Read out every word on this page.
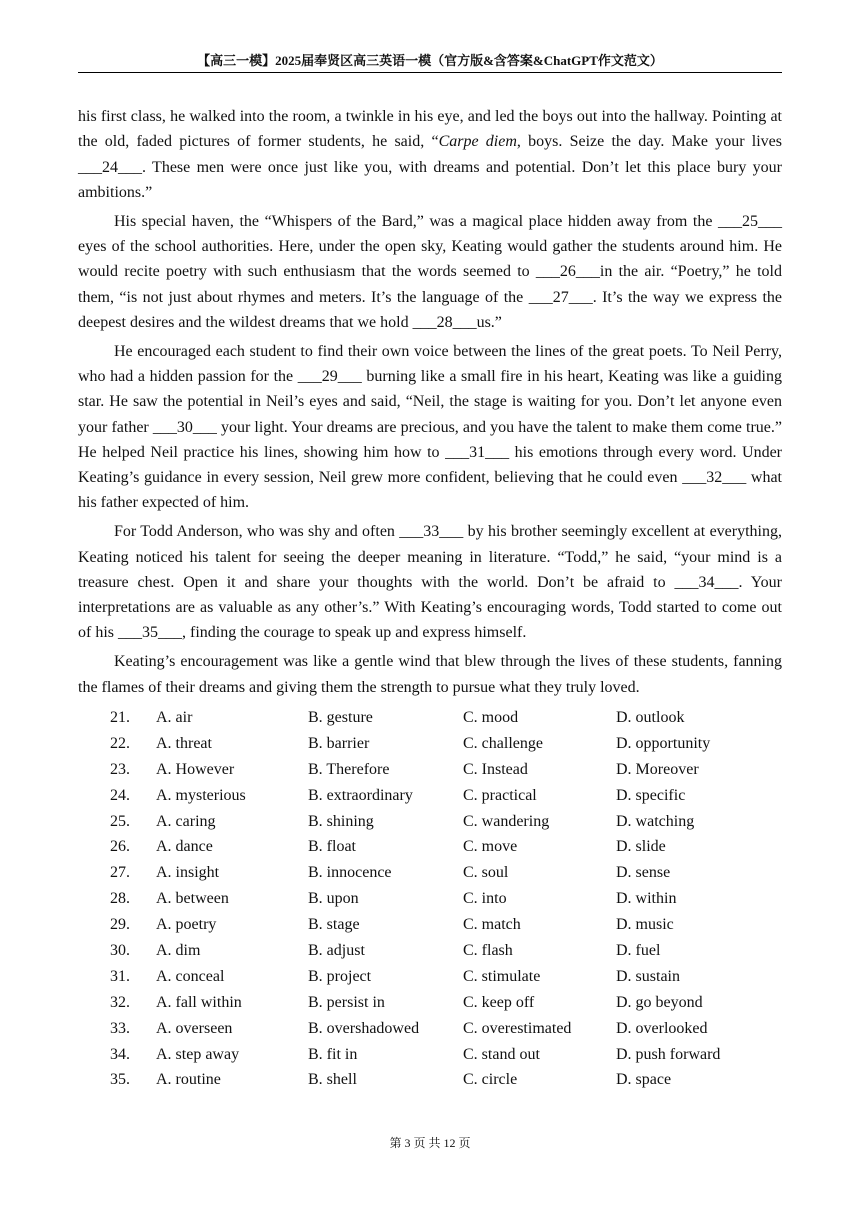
【高三一模】2025届奉贤区高三英语一模（官方版&含答案&ChatGPT作文范文）

his first class, he walked into the room, a twinkle in his eye, and led the boys out into the hallway. Pointing at the old, faded pictures of former students, he said, “Carpe diem, boys. Seize the day. Make your lives ___24___. These men were once just like you, with dreams and potential. Don’t let this place bury your ambitions.”

His special haven, the “Whispers of the Bard,” was a magical place hidden away from the ___25___ eyes of the school authorities. Here, under the open sky, Keating would gather the students around him. He would recite poetry with such enthusiasm that the words seemed to ___26___in the air. “Poetry,” he told them, “is not just about rhymes and meters. It’s the language of the ___27___. It’s the way we express the deepest desires and the wildest dreams that we hold ___28___us.”

He encouraged each student to find their own voice between the lines of the great poets. To Neil Perry, who had a hidden passion for the ___29___ burning like a small fire in his heart, Keating was like a guiding star. He saw the potential in Neil’s eyes and said, “Neil, the stage is waiting for you. Don’t let anyone even your father ___30___ your light. Your dreams are precious, and you have the talent to make them come true.” He helped Neil practice his lines, showing him how to ___31___ his emotions through every word. Under Keating’s guidance in every session, Neil grew more confident, believing that he could even ___32___ what his father expected of him.

For Todd Anderson, who was shy and often ___33___ by his brother seemingly excellent at everything, Keating noticed his talent for seeing the deeper meaning in literature. “Todd,” he said, “your mind is a treasure chest. Open it and share your thoughts with the world. Don’t be afraid to ___34___. Your interpretations are as valuable as any other’s.” With Keating’s encouraging words, Todd started to come out of his ___35___, finding the courage to speak up and express himself.

Keating’s encouragement was like a gentle wind that blew through the lives of these students, fanning the flames of their dreams and giving them the strength to pursue what they truly loved.

21. A. air	B. gesture	C. mood	D. outlook
22. A. threat	B. barrier	C. challenge	D. opportunity
23. A. However	B. Therefore	C. Instead	D. Moreover
24. A. mysterious	B. extraordinary	C. practical	D. specific
25. A. caring	B. shining	C. wandering	D. watching
26. A. dance	B. float	C. move	D. slide
27. A. insight	B. innocence	C. soul	D. sense
28. A. between	B. upon	C. into	D. within
29. A. poetry	B. stage	C. match	D. music
30. A. dim	B. adjust	C. flash	D. fuel
31. A. conceal	B. project	C. stimulate	D. sustain
32. A. fall within	B. persist in	C. keep off	D. go beyond
33. A. overseen	B. overshadowed	C. overestimated	D. overlooked
34. A. step away	B. fit in	C. stand out	D. push forward
35. A. routine	B. shell	C. circle	D. space
第 3 页 共 12 页
